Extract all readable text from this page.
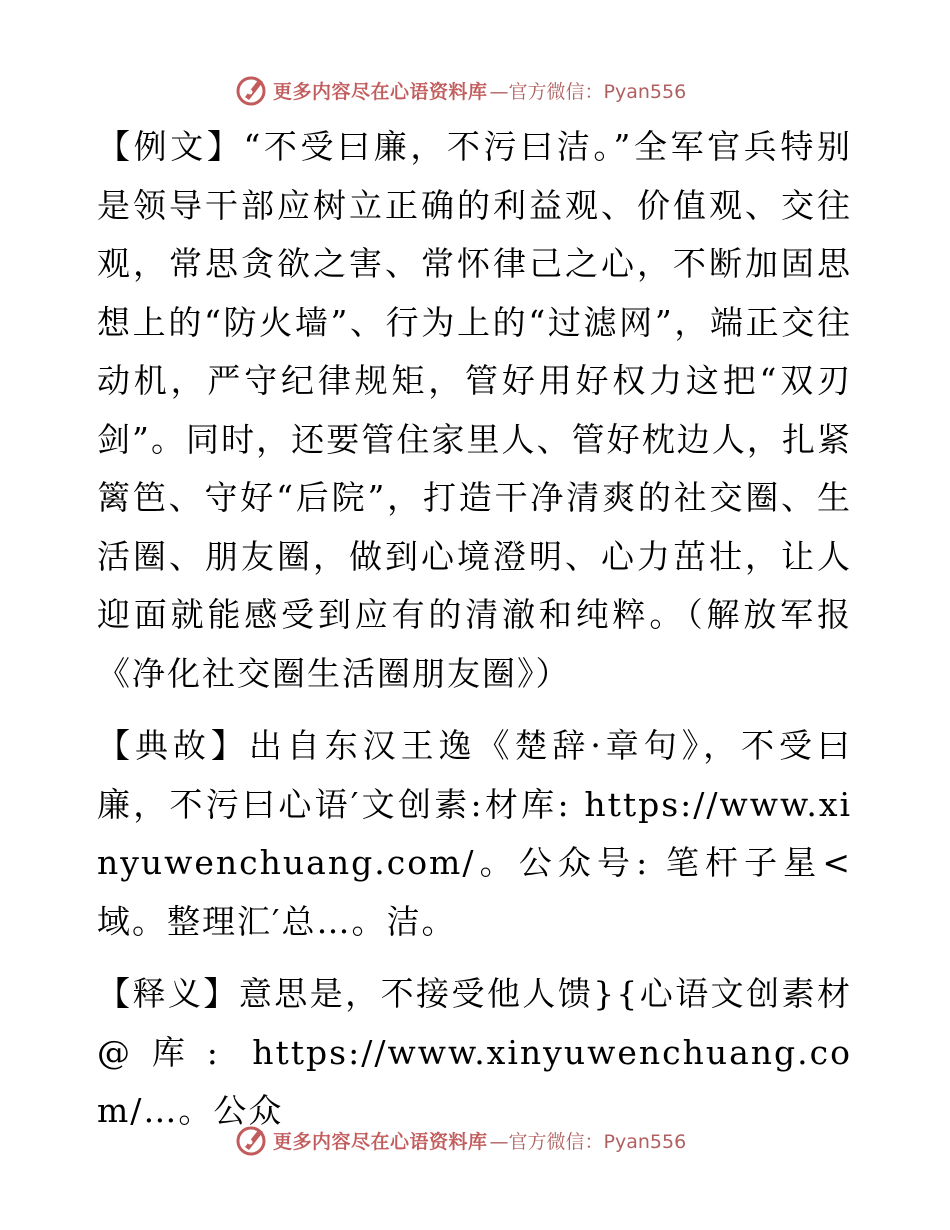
更多内容尽在心语资料库 —官方微信：Pyan556

【例文】“不受曰廉，不污曰洁。”全军官兵特别是领导干部应树立正确的利益观、价值观、交往观，常思贪欲之害、常怀律己之心，不断加固思想上的“防火墙”、行为上的“过滤网”，端正交往动机，严守纪律规矩，管好用好权力这把“双刃剑”。同时，还要管住家里人、管好枕边人，扎紧篱笆、守好“后院”，打造干净清爽的社交圈、生活圈、朋友圈，做到心境澄明、心力茁壮，让人迎面就能感受到应有的清澈和纯粹。（解放军报《净化社交圈生活圈朋友圈》）

【典故】出自东汉王逸《楚辞·章句》，不受曰廉，不污曰心语′文创素:材库: https://www.xinyuwenchuang.com/。公众号: 笔杆子星<域。整理汇′总…。洁。

【释义】意思是，不接受他人馈}{心语文创素材@库: https://www.xinyuwenchuang.com/…。公众

更多内容尽在心语资料库 —官方微信：Pyan556
